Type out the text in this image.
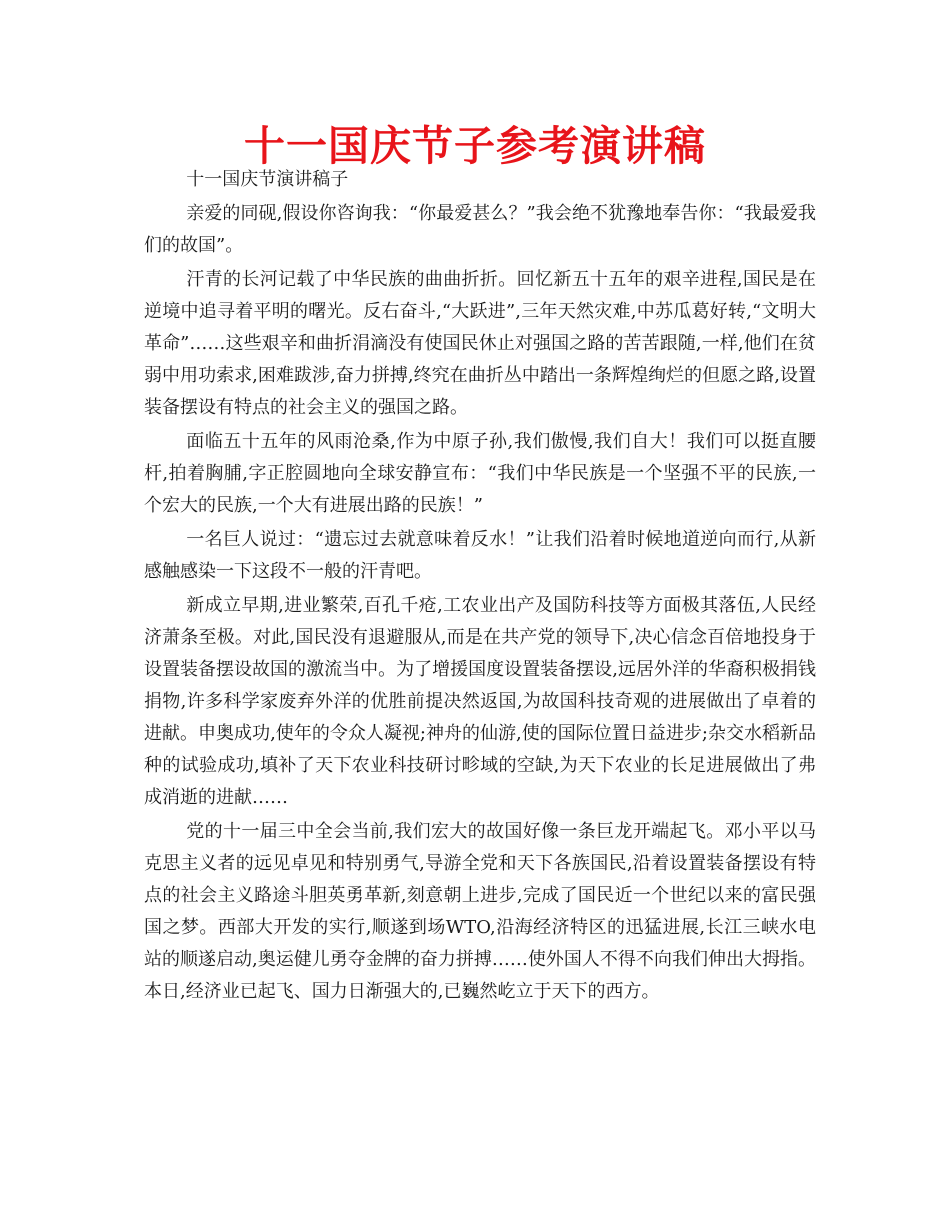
十一国庆节子参考演讲稿

十一国庆节演讲稿子

亲爱的同砚,假设你咨询我：“你最爱甚么？”我会绝不犹豫地奉告你：“我最爱我们的故国”。

汗青的长河记载了中华民族的曲曲折折。回忆新五十五年的艰辛进程,国民是在逆境中追寻着平明的曙光。反右奋斗,“大跃进”,三年天然灾难,中苏瓜葛好转,“文明大革命”……这些艰辛和曲折涓滴没有使国民休止对强国之路的苦苦跟随,一样,他们在贫弱中用功索求,困难跋涉,奋力拼搏,终究在曲折丛中踏出一条辉煌绚烂的但愿之路,设置装备摆设有特点的社会主义的强国之路。

面临五十五年的风雨沧桑,作为中原子孙,我们傲慢,我们自大！我们可以挺直腰杆,拍着胸脯,字正腔圆地向全球安静宣布：“我们中华民族是一个坚强不平的民族,一个宏大的民族,一个大有进展出路的民族！”

一名巨人说过：“遗忘过去就意味着反水！”让我们沿着时候地道逆向而行,从新感触感染一下这段不一般的汗青吧。

新成立早期,进业繁荣,百孔千疮,工农业出产及国防科技等方面极其落伍,人民经济萧条至极。对此,国民没有退避服从,而是在共产党的领导下,决心信念百倍地投身于设置装备摆设故国的激流当中。为了增援国度设置装备摆设,远居外洋的华裔积极捐钱捐物,许多科学家废弃外洋的优胜前提决然返国,为故国科技奇观的进展做出了卓着的进献。申奥成功,使年的令众人凝视;神舟的仙游,使的国际位置日益进步;杂交水稻新品种的试验成功,填补了天下农业科技研讨畛域的空缺,为天下农业的长足进展做出了弗成消逝的进献……

党的十一届三中全会当前,我们宏大的故国好像一条巨龙开端起飞。邓小平以马克思主义者的远见卓见和特别勇气,导游全党和天下各族国民,沿着设置装备摆设有特点的社会主义路途斗胆英勇革新,刻意朝上进步,完成了国民近一个世纪以来的富民强国之梦。西部大开发的实行,顺遂到场WTO,沿海经济特区的迅猛进展,长江三峡水电站的顺遂启动,奥运健儿勇夺金牌的奋力拼搏……使外国人不得不向我们伸出大拇指。本日,经济业已起飞、国力日渐强大的,已巍然屹立于天下的西方。
